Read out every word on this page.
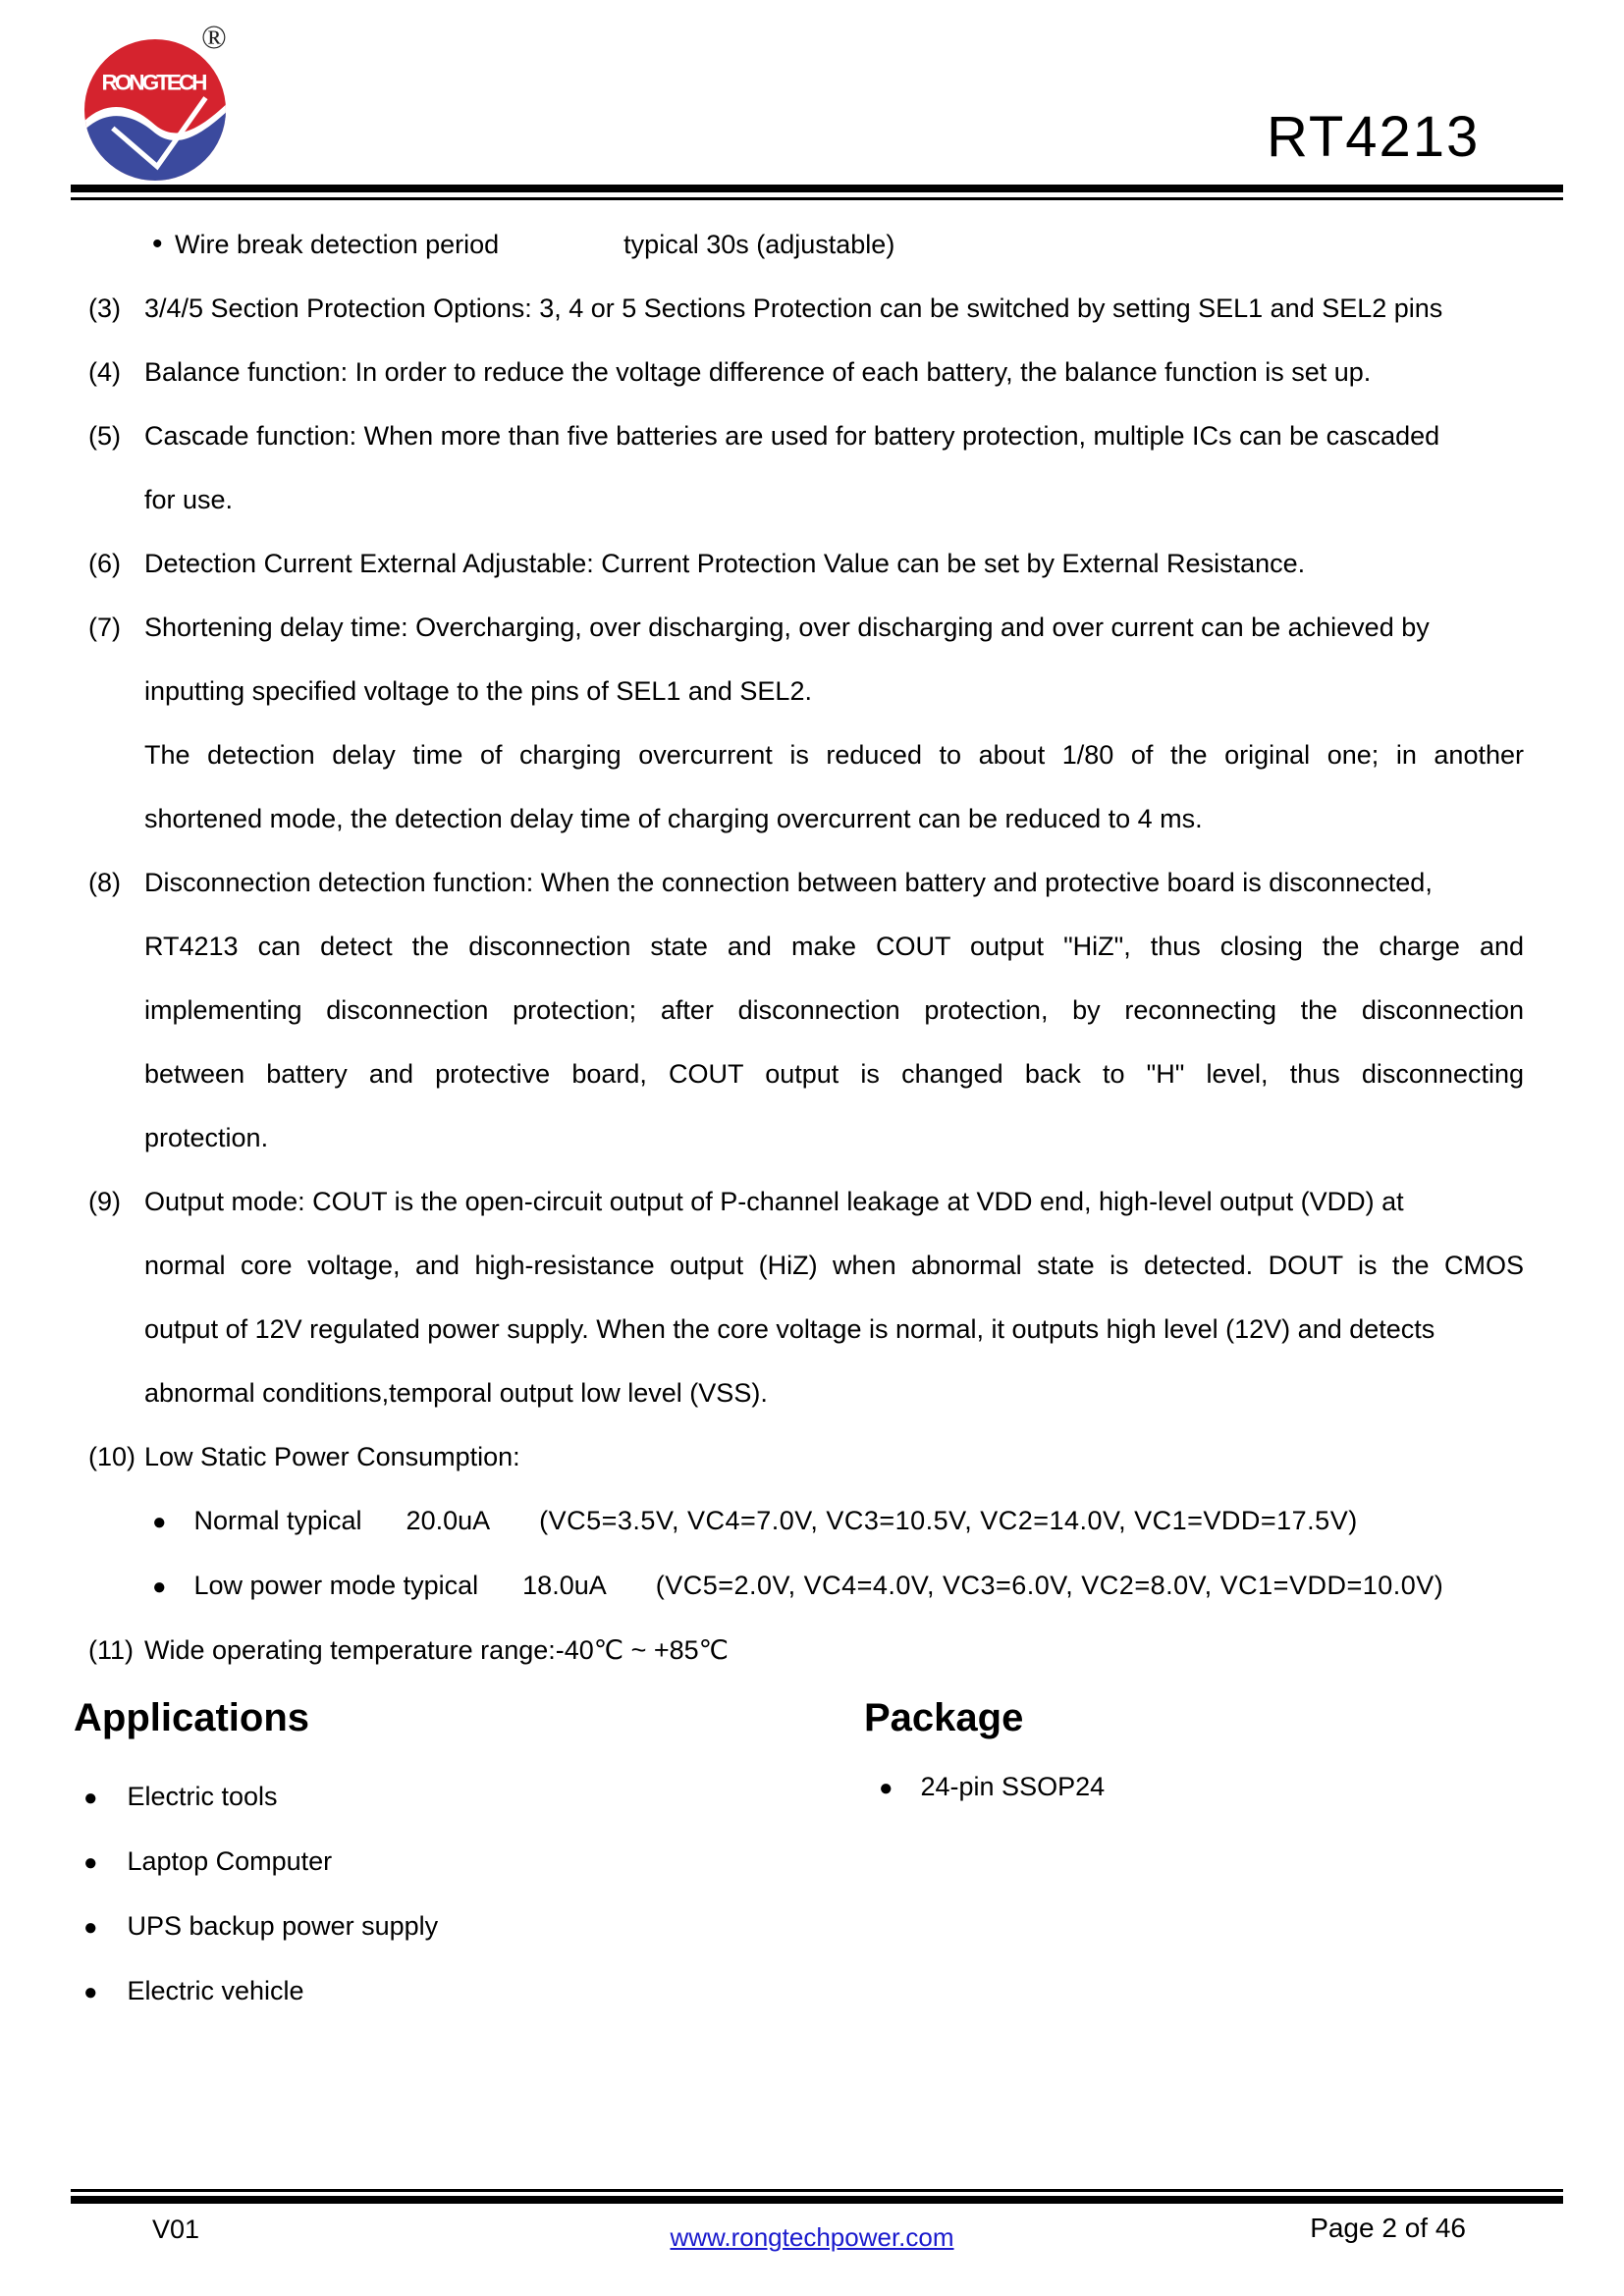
RONGTECH
®
RT4213
• Wire break detection period	typical 30s (adjustable)
(3) 3/4/5 Section Protection Options: 3, 4 or 5 Sections Protection can be switched by setting SEL1 and SEL2 pins
(4) Balance function: In order to reduce the voltage difference of each battery, the balance function is set up.
(5) Cascade function: When more than five batteries are used for battery protection, multiple ICs can be cascaded
for use.
(6) Detection Current External Adjustable: Current Protection Value can be set by External Resistance.
(7) Shortening delay time: Overcharging, over discharging, over discharging and over current can be achieved by
inputting specified voltage to the pins of SEL1 and SEL2.
The detection delay time of charging overcurrent is reduced to about 1/80 of the original one; in another
shortened mode, the detection delay time of charging overcurrent can be reduced to 4 ms.
(8) Disconnection detection function: When the connection between battery and protective board is disconnected,
RT4213 can detect the disconnection state and make COUT output "HiZ", thus closing the charge and
implementing disconnection protection; after disconnection protection, by reconnecting the disconnection
between battery and protective board, COUT output is changed back to "H" level, thus disconnecting
protection.
(9) Output mode: COUT is the open-circuit output of P-channel leakage at VDD end, high-level output (VDD) at
normal core voltage, and high-resistance output (HiZ) when abnormal state is detected. DOUT is the CMOS
output of 12V regulated power supply. When the core voltage is normal, it outputs high level (12V) and detects
abnormal conditions,temporal output low level (VSS).
(10) Low Static Power Consumption:
● Normal typical 20.0uA (VC5=3.5V, VC4=7.0V, VC3=10.5V, VC2=14.0V, VC1=VDD=17.5V)
● Low power mode typical 18.0uA (VC5=2.0V, VC4=4.0V, VC3=6.0V, VC2=8.0V, VC1=VDD=10.0V)
(11) Wide operating temperature range:-40℃ ~ +85℃
Applications
● Electric tools
● Laptop Computer
● UPS backup power supply
● Electric vehicle
Package
● 24-pin SSOP24
V01	www.rongtechpower.com	Page 2 of 46
